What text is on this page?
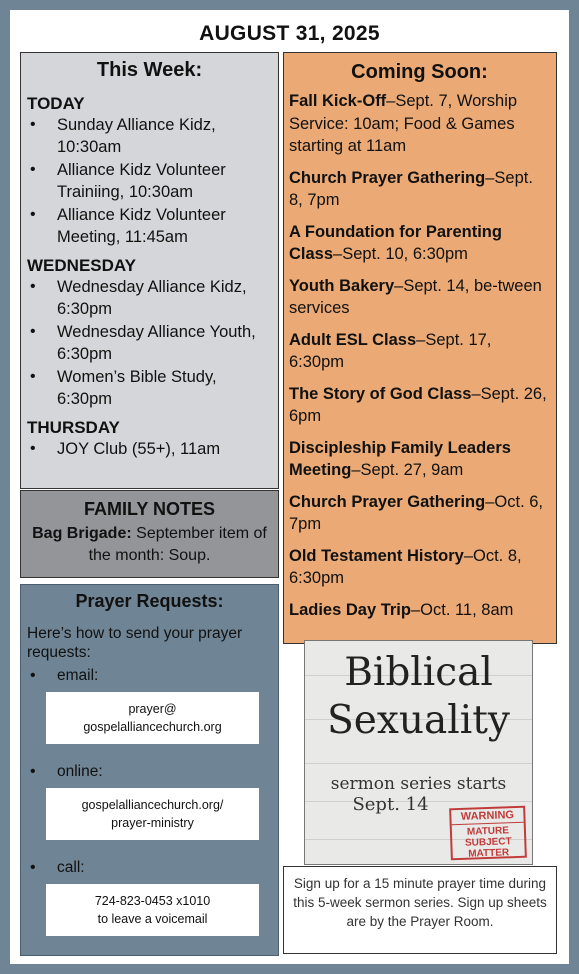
AUGUST 31, 2025
This Week:
TODAY
• Sunday Alliance Kidz, 10:30am
• Alliance Kidz Volunteer Trainiing, 10:30am
• Alliance Kidz Volunteer Meeting, 11:45am
WEDNESDAY
• Wednesday Alliance Kidz, 6:30pm
• Wednesday Alliance Youth, 6:30pm
• Women’s Bible Study, 6:30pm
THURSDAY
• JOY Club (55+), 11am
FAMILY NOTES
Bag Brigade: September item of the month: Soup.
Prayer Requests:
Here’s how to send your prayer requests:
• email:
prayer@
gospelalliancechurch.org
• online:
gospelalliancechurch.org/
prayer-ministry
• call:
724-823-0453 x1010
to leave a voicemail
Coming Soon:
Fall Kick-Off–Sept. 7, Worship Service: 10am; Food & Games starting at 11am
Church Prayer Gathering–Sept. 8, 7pm
A Foundation for Parenting Class–Sept. 10, 6:30pm
Youth Bakery–Sept. 14, be-tween services
Adult ESL Class–Sept. 17, 6:30pm
The Story of God Class–Sept. 26, 6pm
Discipleship Family Leaders Meeting–Sept. 27, 9am
Church Prayer Gathering–Oct. 6, 7pm
Old Testament History–Oct. 8, 6:30pm
Ladies Day Trip–Oct. 11, 8am
Biblical
Sexuality
sermon series starts
Sept. 14
WARNING
MATURE
SUBJECT
MATTER
Sign up for a 15 minute prayer time during this 5-week sermon series. Sign up sheets are by the Prayer Room.
